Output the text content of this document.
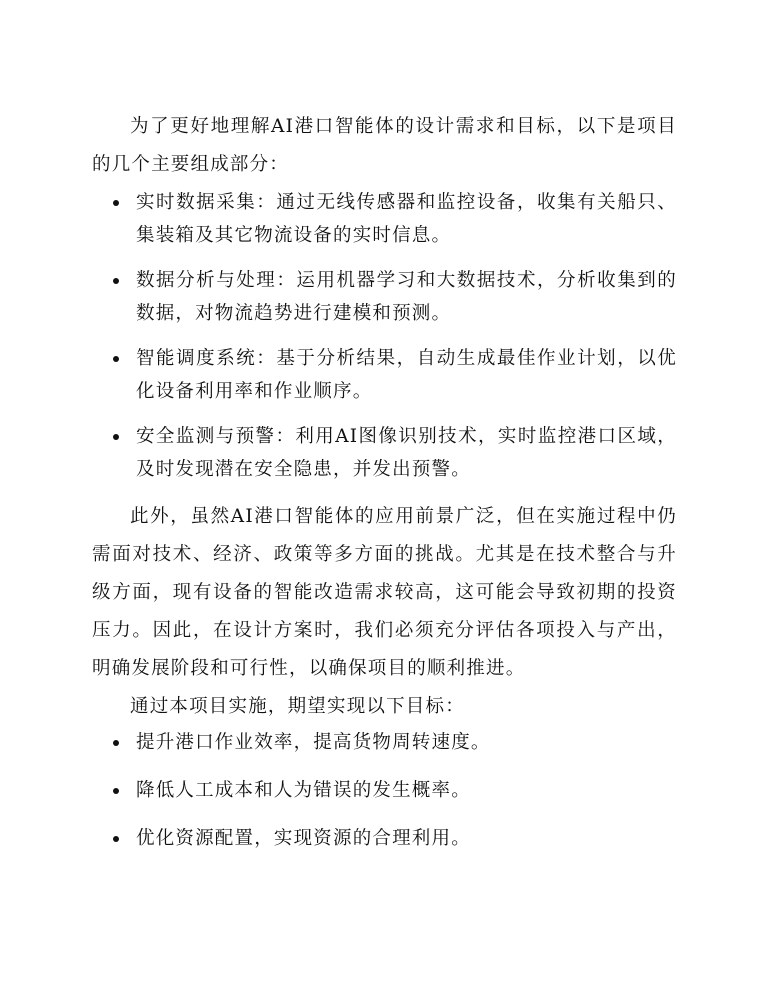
为了更好地理解AI港口智能体的设计需求和目标，以下是项目的几个主要组成部分：

实时数据采集：通过无线传感器和监控设备，收集有关船只、集装箱及其它物流设备的实时信息。
数据分析与处理：运用机器学习和大数据技术，分析收集到的数据，对物流趋势进行建模和预测。
智能调度系统：基于分析结果，自动生成最佳作业计划，以优化设备利用率和作业顺序。
安全监测与预警：利用AI图像识别技术，实时监控港口区域，及时发现潜在安全隐患，并发出预警。

此外，虽然AI港口智能体的应用前景广泛，但在实施过程中仍需面对技术、经济、政策等多方面的挑战。尤其是在技术整合与升级方面，现有设备的智能改造需求较高，这可能会导致初期的投资压力。因此，在设计方案时，我们必须充分评估各项投入与产出，明确发展阶段和可行性，以确保项目的顺利推进。

通过本项目实施，期望实现以下目标：

提升港口作业效率，提高货物周转速度。
降低人工成本和人为错误的发生概率。
优化资源配置，实现资源的合理利用。
